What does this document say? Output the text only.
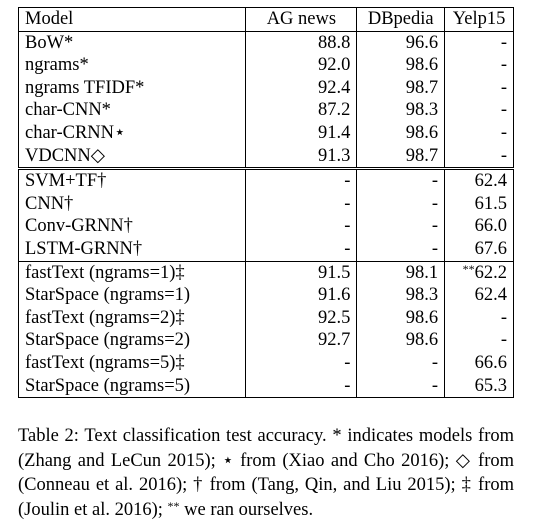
Model	AG news	DBpedia	Yelp15
BoW*	88.8	96.6	-
ngrams*	92.0	98.6	-
ngrams TFIDF*	92.4	98.7	-
char-CNN*	87.2	98.3	-
char-CRNN⋆	91.4	98.6	-
VDCNN◇	91.3	98.7	-
SVM+TF†	-	-	62.4
CNN†	-	-	61.5
Conv-GRNN†	-	-	66.0
LSTM-GRNN†	-	-	67.6
fastText (ngrams=1)‡	91.5	98.1	**62.2
StarSpace (ngrams=1)	91.6	98.3	62.4
fastText (ngrams=2)‡	92.5	98.6	-
StarSpace (ngrams=2)	92.7	98.6	-
fastText (ngrams=5)‡	-	-	66.6
StarSpace (ngrams=5)	-	-	65.3

Table 2: Text classification test accuracy. * indicates models from (Zhang and LeCun 2015); ⋆ from (Xiao and Cho 2016); ◇ from (Conneau et al. 2016); † from (Tang, Qin, and Liu 2015); ‡ from (Joulin et al. 2016); ** we ran ourselves.
